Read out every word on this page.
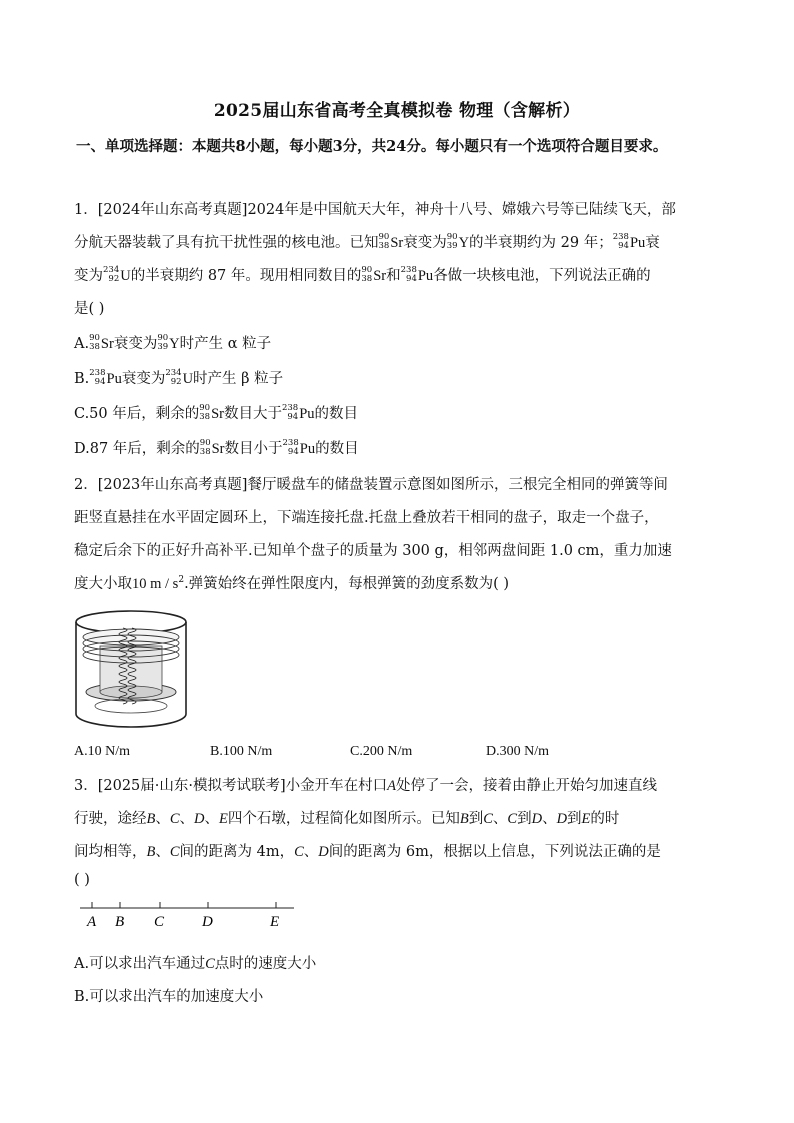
2025届山东省高考全真模拟卷 物理（含解析）
一、单项选择题：本题共8小题，每小题3分，共24分。每小题只有一个选项符合题目要求。
1．[2024年山东高考真题]2024年是中国航天大年，神舟十八号、嫦娥六号等已陆续飞天，部
分航天器装载了具有抗干扰性强的核电池。已知 90
38 Sr衰变为 90
39 Y的半衰期约为 29 年； 238
94 Pu衰
变为 234
92 U的半衰期约 87 年。现用相同数目的 90
38 Sr和 238
94 Pu各做一块核电池，下列说法正确的
是( )
A. 90
38 Sr衰变为 90
39 Y时产生 α 粒子
B. 238
94 Pu衰变为 234
92 U时产生 β 粒子
C.50 年后，剩余的 90
38 Sr数目大于 238
94 Pu的数目
D.87 年后，剩余的 90
38 Sr数目小于 238
94 Pu的数目
2．[2023年山东高考真题]餐厅暖盘车的储盘装置示意图如图所示，三根完全相同的弹簧等间
距竖直悬挂在水平固定圆环上，下端连接托盘.托盘上叠放若干相同的盘子，取走一个盘子，
稳定后余下的正好升高补平.已知单个盘子的质量为 300 g，相邻两盘间距 1.0 cm，重力加速
度大小取10 m / $s^2$.弹簧始终在弹性限度内，每根弹簧的劲度系数为( )
A.10 N/m	B.100 N/m	C.200 N/m	D.300 N/m
3．[2025届·山东·模拟考试联考]小金开车在村口A处停了一会，接着由静止开始匀加速直线
行驶，途经B、C、D、E四个石墩，过程简化如图所示。已知B到C、C到D、D到E的时
间均相等，B、C间的距离为 4m，C、D间的距离为 6m，根据以上信息，下列说法正确的是
( )
A B C	D	E
A.可以求出汽车通过C点时的速度大小
B.可以求出汽车的加速度大小
